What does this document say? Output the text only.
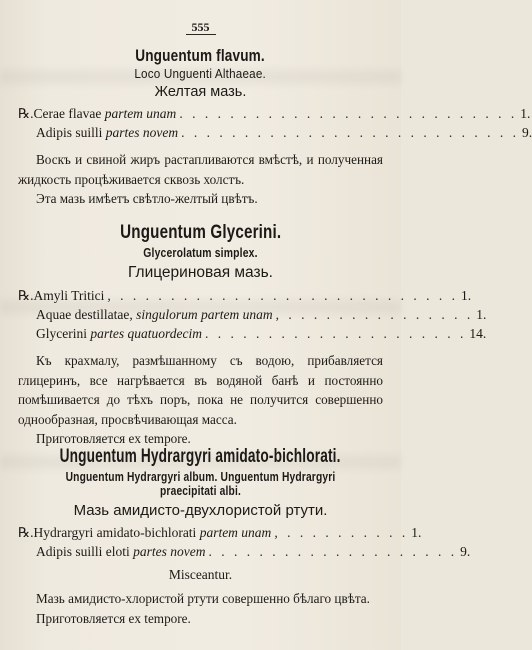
555
Unguentum flavum.
Loco Unguenti Althaeae.
Желтая мазь.
℞. Cerae flavae partem unam . . . . . . . . . . . . . . . . . . . . . . . . . . . 1.
Adipis suilli partes novem . . . . . . . . . . . . . . . . . . . . . . . . . . . 9.

Воскъ и свиной жиръ растапливаются вмѣстѣ, и полученная жидкость процѣживается сквозь холстъ.

Эта мазь имѣетъ свѣтло-желтый цвѣтъ.

Unguentum Glycerini.
Glycerolatum simplex.
Глицериновая мазь.
℞. Amyli Tritici , . . . . . . . . . . . . . . . . . . . . . . . . . . . 1.
Aquae destillatae, singulorum partem unam , . . . . . . . . . . . . . . . 1.
Glycerini partes quatuordecim . . . . . . . . . . . . . . . . . . . . . 14.

Къ крахмалу, размѣшанному съ водою, прибавляется глицеринъ, все нагрѣвается въ водяной банѣ и постоянно помѣшивается до тѣхъ поръ, пока не получится совершенно однообразная, просвѣчивающая масса.

Приготовляется ex tempore.

Unguentum Hydrargyri amidato-bichlorati.
Unguentum Hydrargyri album. Unguentum Hydrargyri praecipitati albi.
Мазь амидисто-двухлористой ртути.
℞. Hydrargyri amidato-bichlorati partem unam , . . . . . . . . . . 1.
Adipis suilli eloti partes novem . . . . . . . . . . . . . . . . . . . . 9.
Misceantur.

Мазь амидисто-хлористой ртути совершенно бѣлаго цвѣта.

Приготовляется ex tempore.
